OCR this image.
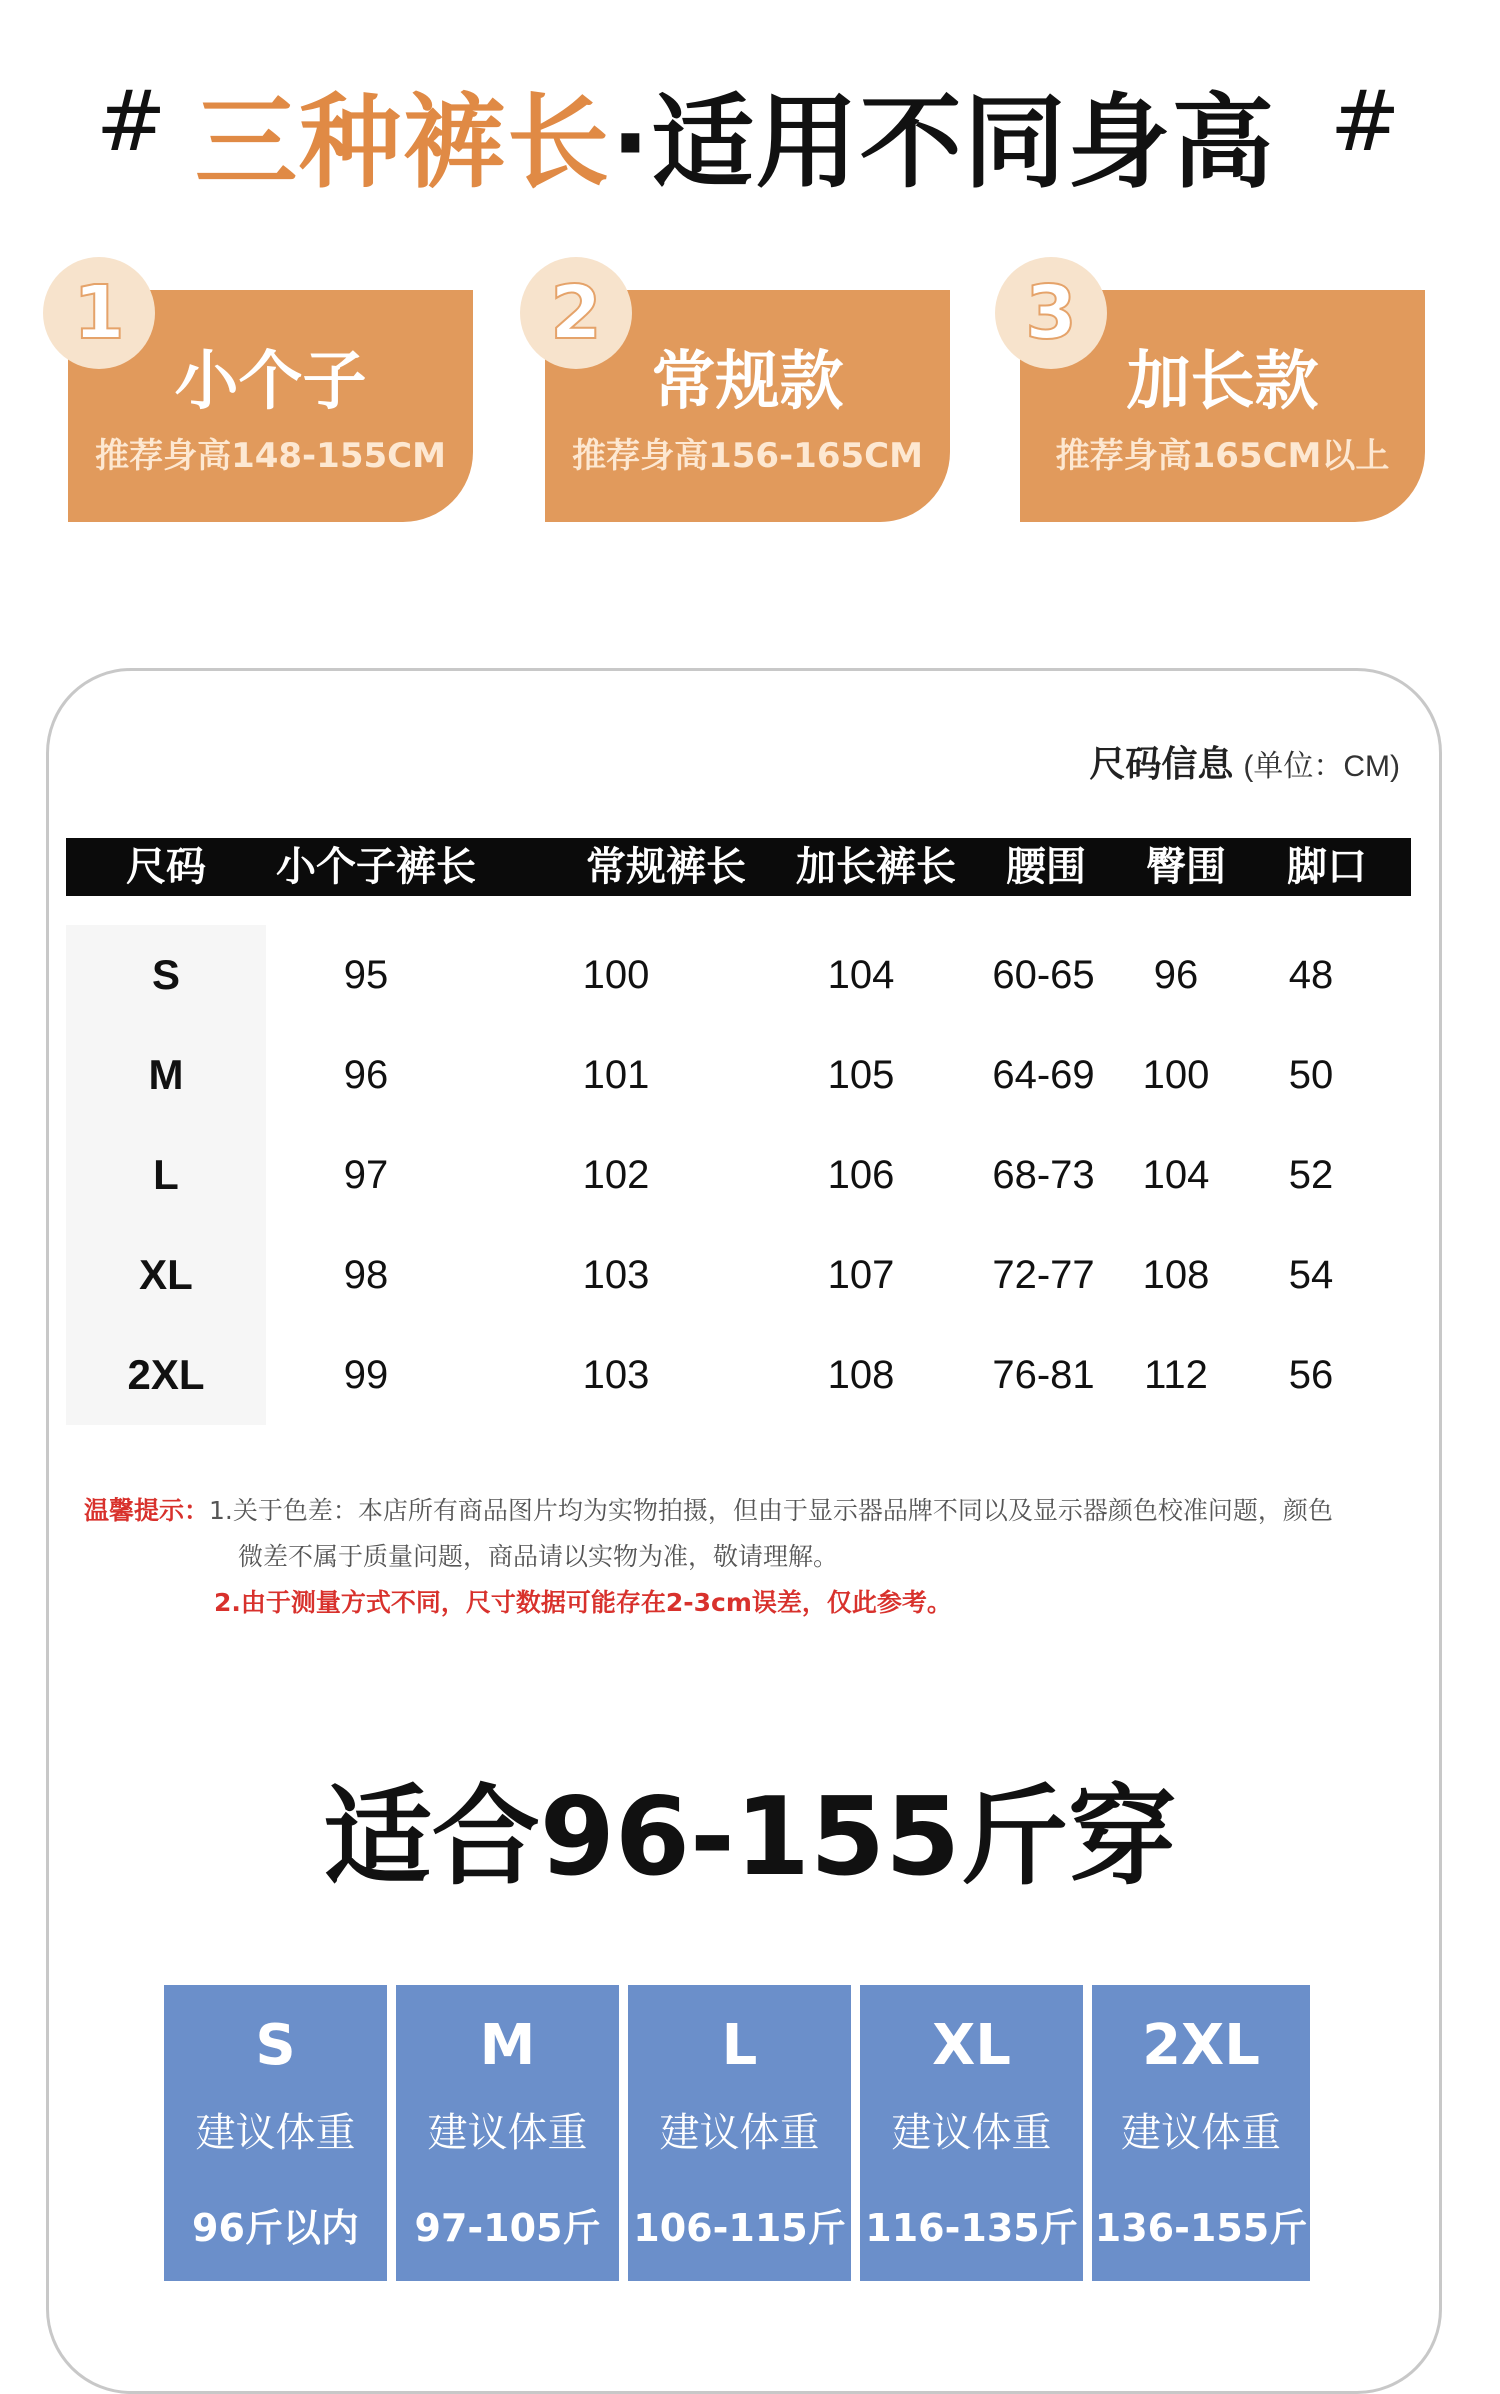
# 三种裤长·适用不同身高 #
1
小个子
推荐身高148-155CM
2
常规款
推荐身高156-165CM
3
加长款
推荐身高165CM以上
尺码信息 (单位：CM)
尺码	小个子裤长	常规裤长	加长裤长	腰围	臀围	脚口
S	95	100	104	60-65	96	48
M	96	101	105	64-69	100	50
L	97	102	106	68-73	104	52
XL	98	103	107	72-77	108	54
2XL	99	103	108	76-81	112	56
温馨提示：1.关于色差：本店所有商品图片均为实物拍摄，但由于显示器品牌不同以及显示器颜色校准问题，颜色
微差不属于质量问题，商品请以实物为准，敬请理解。
2.由于测量方式不同，尺寸数据可能存在2-3cm误差，仅此参考。
适合96-155斤穿
S
建议体重
96斤以内
M
建议体重
97-105斤
L
建议体重
106-115斤
XL
建议体重
116-135斤
2XL
建议体重
136-155斤
